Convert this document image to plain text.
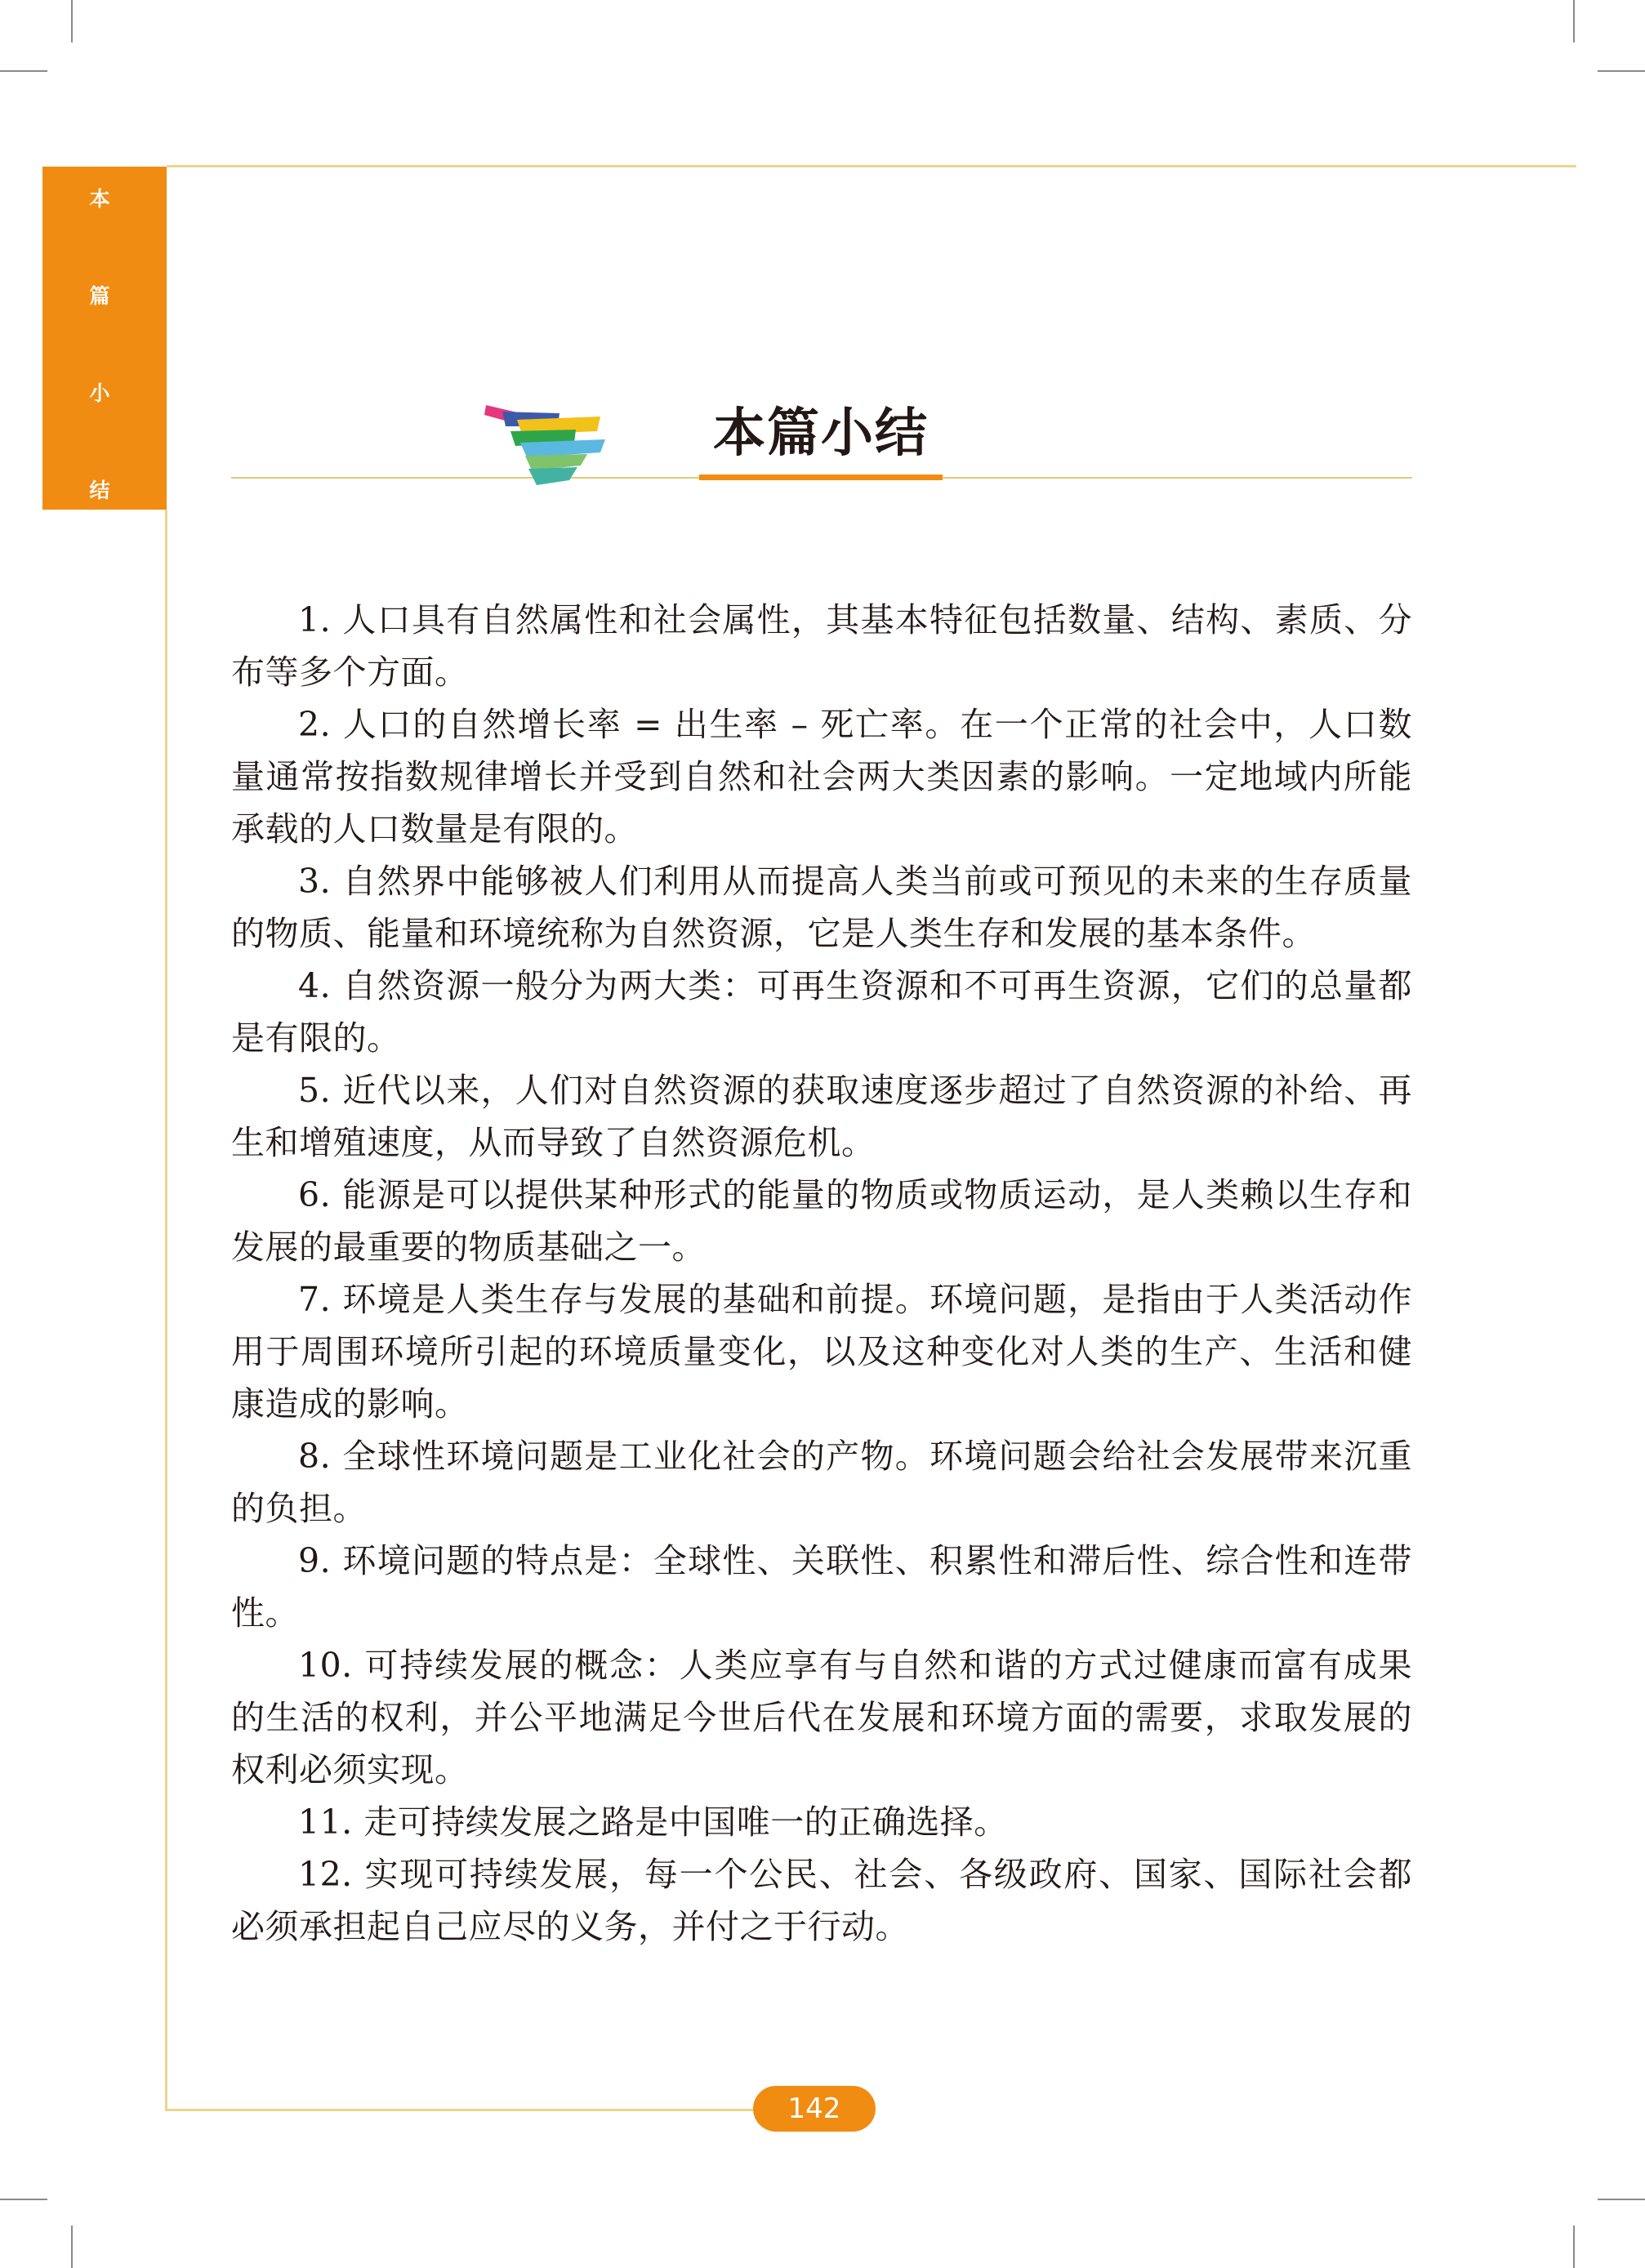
本
篇
小
结
本篇小结

1. 人口具有自然属性和社会属性，其基本特征包括数量、结构、素质、分布等多个方面。

2. 人口的自然增长率 = 出生率 – 死亡率。在一个正常的社会中，人口数量通常按指数规律增长并受到自然和社会两大类因素的影响。一定地域内所能承载的人口数量是有限的。

3. 自然界中能够被人们利用从而提高人类当前或可预见的未来的生存质量的物质、能量和环境统称为自然资源，它是人类生存和发展的基本条件。

4. 自然资源一般分为两大类：可再生资源和不可再生资源，它们的总量都是有限的。

5. 近代以来，人们对自然资源的获取速度逐步超过了自然资源的补给、再生和增殖速度，从而导致了自然资源危机。

6. 能源是可以提供某种形式的能量的物质或物质运动，是人类赖以生存和发展的最重要的物质基础之一。

7. 环境是人类生存与发展的基础和前提。环境问题，是指由于人类活动作用于周围环境所引起的环境质量变化，以及这种变化对人类的生产、生活和健康造成的影响。

8. 全球性环境问题是工业化社会的产物。环境问题会给社会发展带来沉重的负担。

9. 环境问题的特点是：全球性、关联性、积累性和滞后性、综合性和连带性。

10. 可持续发展的概念：人类应享有与自然和谐的方式过健康而富有成果的生活的权利，并公平地满足今世后代在发展和环境方面的需要，求取发展的权利必须实现。

11. 走可持续发展之路是中国唯一的正确选择。

12. 实现可持续发展，每一个公民、社会、各级政府、国家、国际社会都必须承担起自己应尽的义务，并付之于行动。

142
